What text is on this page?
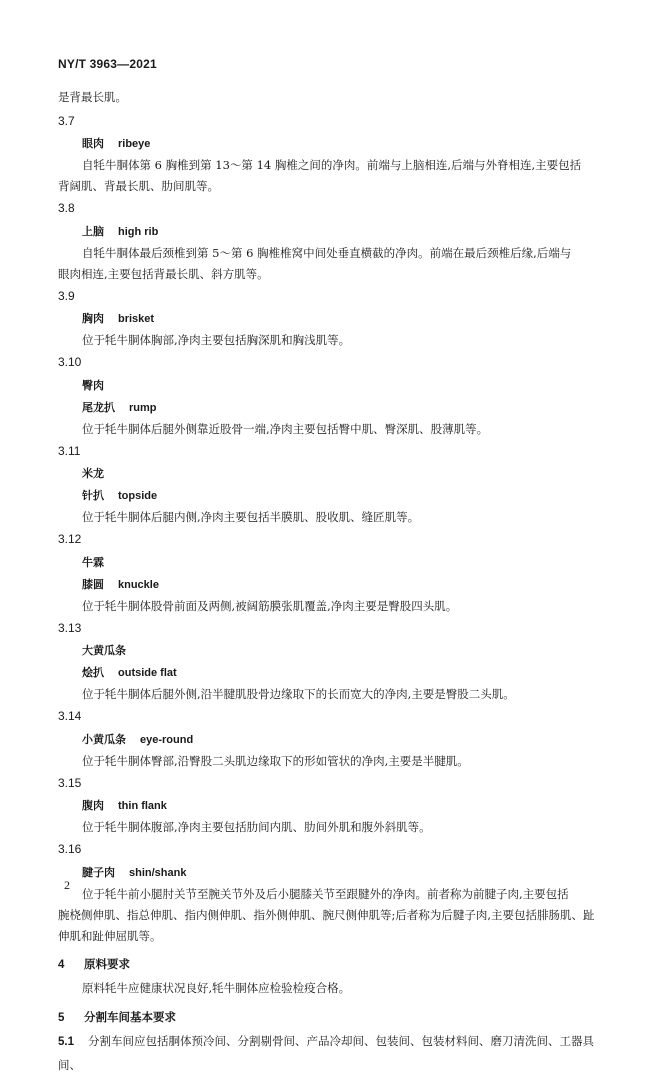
NY/T 3963—2021
是背最长肌。
3.7
眼肉 ribeye
自牦牛胴体第 6 胸椎到第 13～第 14 胸椎之间的净肉。前端与上脑相连,后端与外脊相连,主要包括
背阔肌、背最长肌、肋间肌等。
3.8
上脑 high rib
自牦牛胴体最后颈椎到第 5～第 6 胸椎椎窝中间处垂直横截的净肉。前端在最后颈椎后缘,后端与
眼肉相连,主要包括背最长肌、斜方肌等。
3.9
胸肉 brisket
位于牦牛胴体胸部,净肉主要包括胸深肌和胸浅肌等。
3.10
臀肉
尾龙扒 rump
位于牦牛胴体后腿外侧靠近股骨一端,净肉主要包括臀中肌、臀深肌、股薄肌等。
3.11
米龙
针扒 topside
位于牦牛胴体后腿内侧,净肉主要包括半膜肌、股收肌、缝匠肌等。
3.12
牛霖
膝圆 knuckle
位于牦牛胴体股骨前面及两侧,被阔筋膜张肌覆盖,净肉主要是臀股四头肌。
3.13
大黄瓜条
烩扒 outside flat
位于牦牛胴体后腿外侧,沿半腱肌股骨边缘取下的长而宽大的净肉,主要是臀股二头肌。
3.14
小黄瓜条 eye-round
位于牦牛胴体臀部,沿臀股二头肌边缘取下的形如管状的净肉,主要是半腱肌。
3.15
腹肉 thin flank
位于牦牛胴体腹部,净肉主要包括肋间内肌、肋间外肌和腹外斜肌等。
3.16
腱子肉 shin/shank
位于牦牛前小腿肘关节至腕关节外及后小腿膝关节至跟腱外的净肉。前者称为前腱子肉,主要包括
腕桡侧伸肌、指总伸肌、指内侧伸肌、指外侧伸肌、腕尺侧伸肌等;后者称为后腱子肉,主要包括腓肠肌、趾
伸肌和趾伸屈肌等。
4 原料要求
原料牦牛应健康状况良好,牦牛胴体应检验检疫合格。
5 分割车间基本要求
5.1 分割车间应包括胴体预冷间、分割剔骨间、产品冷却间、包装间、包装材料间、磨刀清洗间、工器具间、
2
